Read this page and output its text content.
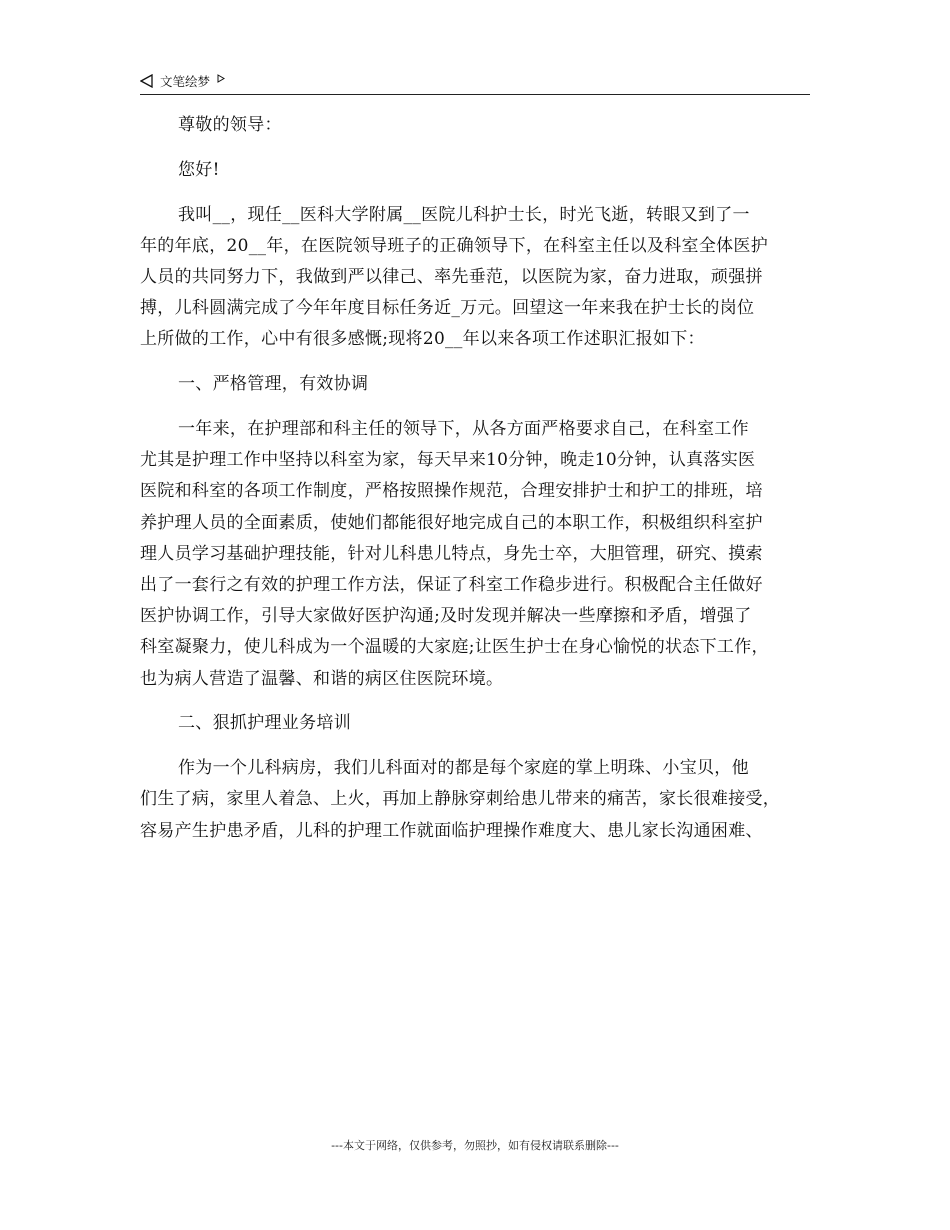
文笔绘梦

尊敬的领导：

您好!

我叫__，现任__医科大学附属__医院儿科护士长，时光飞逝，转眼又到了一
年的年底，20__年，在医院领导班子的正确领导下，在科室主任以及科室全体医护
人员的共同努力下，我做到严以律己、率先垂范，以医院为家，奋力进取，顽强拼
搏，儿科圆满完成了今年年度目标任务近_万元。回望这一年来我在护士长的岗位
上所做的工作，心中有很多感慨;现将20__年以来各项工作述职汇报如下：

一、严格管理，有效协调

一年来，在护理部和科主任的领导下，从各方面严格要求自己，在科室工作
尤其是护理工作中坚持以科室为家，每天早来10分钟，晚走10分钟，认真落实医
医院和科室的各项工作制度，严格按照操作规范，合理安排护士和护工的排班，培
养护理人员的全面素质，使她们都能很好地完成自己的本职工作，积极组织科室护
理人员学习基础护理技能，针对儿科患儿特点，身先士卒，大胆管理，研究、摸索
出了一套行之有效的护理工作方法，保证了科室工作稳步进行。积极配合主任做好
医护协调工作，引导大家做好医护沟通;及时发现并解决一些摩擦和矛盾，增强了
科室凝聚力，使儿科成为一个温暖的大家庭;让医生护士在身心愉悦的状态下工作，
也为病人营造了温馨、和谐的病区住医院环境。

二、狠抓护理业务培训

作为一个儿科病房，我们儿科面对的都是每个家庭的掌上明珠、小宝贝，他
们生了病，家里人着急、上火，再加上静脉穿刺给患儿带来的痛苦，家长很难接受，
容易产生护患矛盾，儿科的护理工作就面临护理操作难度大、患儿家长沟通困难、
---本文于网络，仅供参考，勿照抄，如有侵权请联系删除---
